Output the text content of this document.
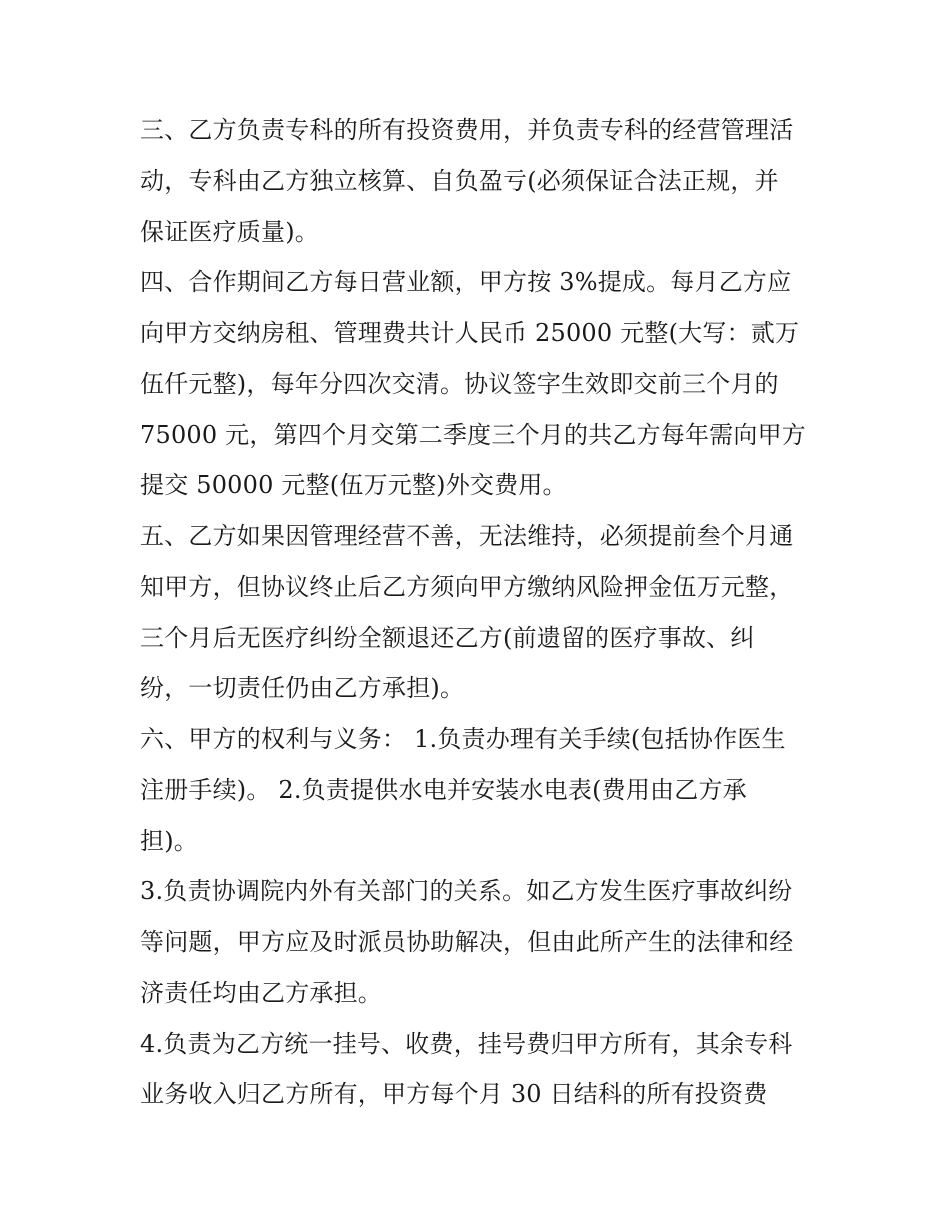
三、乙方负责专科的所有投资费用，并负责专科的经营管理活
动，专科由乙方独立核算、自负盈亏(必须保证合法正规，并
保证医疗质量)。
四、合作期间乙方每日营业额，甲方按 3%提成。每月乙方应
向甲方交纳房租、管理费共计人民币 25000 元整(大写：贰万
伍仟元整)，每年分四次交清。协议签字生效即交前三个月的
75000 元，第四个月交第二季度三个月的共乙方每年需向甲方
提交 50000 元整(伍万元整)外交费用。
五、乙方如果因管理经营不善，无法维持，必须提前叁个月通
知甲方，但协议终止后乙方须向甲方缴纳风险押金伍万元整，
三个月后无医疗纠纷全额退还乙方(前遗留的医疗事故、纠
纷，一切责任仍由乙方承担)。
六、甲方的权利与义务： 1.负责办理有关手续(包括协作医生
注册手续)。 2.负责提供水电并安装水电表(费用由乙方承
担)。
3.负责协调院内外有关部门的关系。如乙方发生医疗事故纠纷
等问题，甲方应及时派员协助解决，但由此所产生的法律和经
济责任均由乙方承担。
4.负责为乙方统一挂号、收费，挂号费归甲方所有，其余专科
业务收入归乙方所有，甲方每个月 30 日结科的所有投资费
